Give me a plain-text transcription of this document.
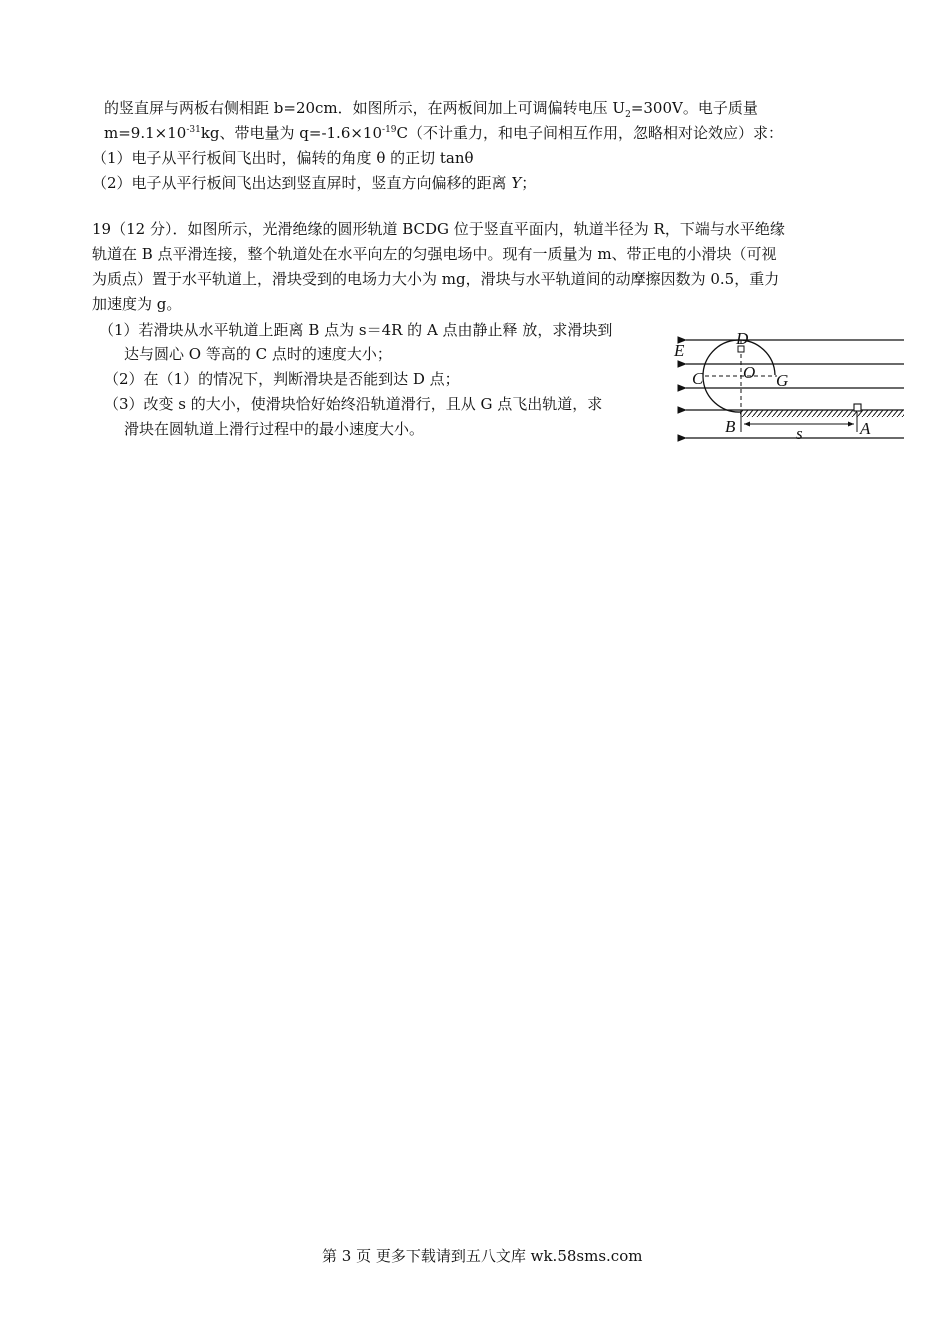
的竖直屏与两板右侧相距 b=20cm．如图所示，在两板间加上可调偏转电压 $U_2=300V$。电子质量
$m=9.1\times 10^{-31}kg$、带电量为 $q=-1.6\times 10^{-19}C$（不计重力，和电子间相互作用，忽略相对论效应）求：
（1）电子从平行板间飞出时，偏转的角度 θ 的正切 tanθ
（2）电子从平行板间飞出达到竖直屏时，竖直方向偏移的距离 Y；
19（12 分）．如图所示，光滑绝缘的圆形轨道 BCDG 位于竖直平面内，轨道半径为 R，下端与水平绝缘
轨道在 B 点平滑连接，整个轨道处在水平向左的匀强电场中。现有一质量为 m、带正电的小滑块（可视
为质点）置于水平轨道上，滑块受到的电场力大小为 mg，滑块与水平轨道间的动摩擦因数为 0.5，重力
加速度为 g。
（1）若滑块从水平轨道上距离 B 点为 s＝4R 的 A 点由静止释 放，求滑块到
达与圆心 O 等高的 C 点时的速度大小；
（2）在（1）的情况下，判断滑块是否能到达 D 点；
（3）改变 s 的大小，使滑块恰好始终沿轨道滑行，且从 G 点飞出轨道，求
滑块在圆轨道上滑行过程中的最小速度大小。
D
E
C O G
B	s	A
第 3 页 更多下载请到五八文库 wk.58sms.com
